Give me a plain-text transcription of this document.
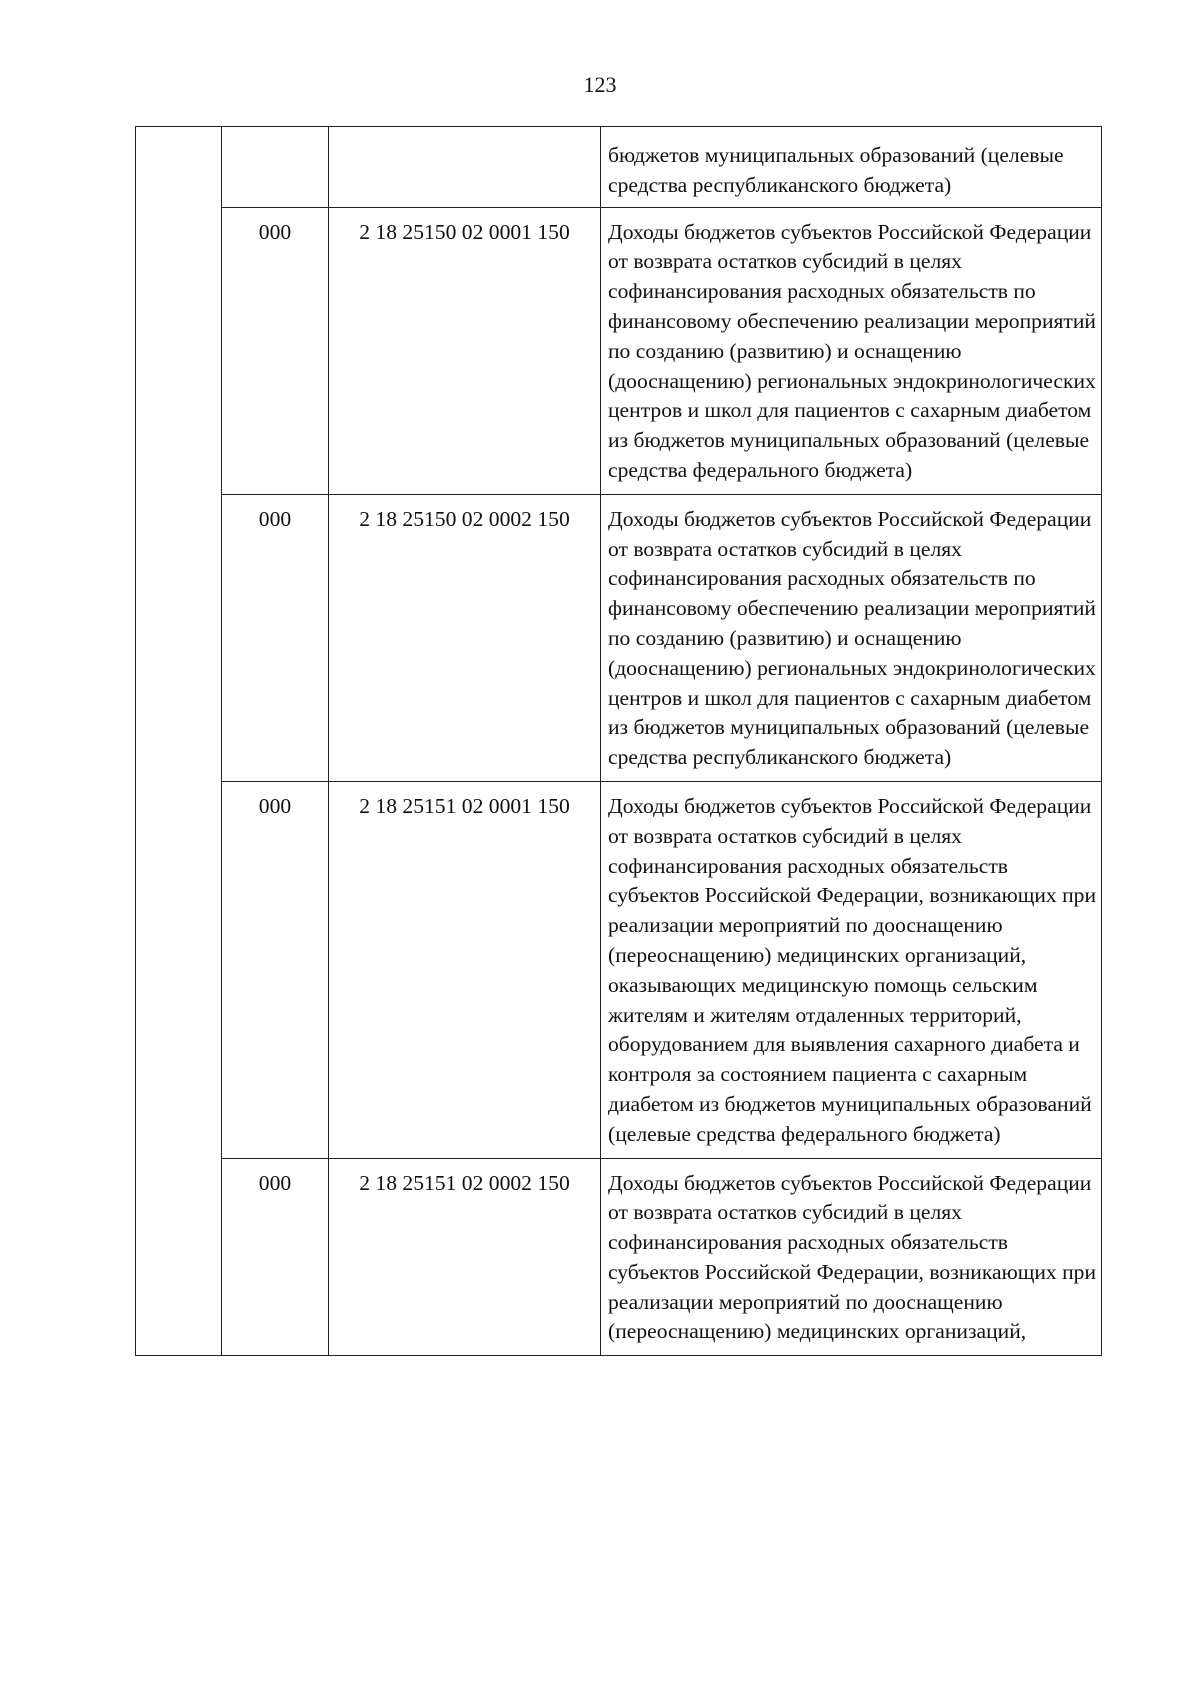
123
			бюджетов муниципальных образований (целевые средства республиканского бюджета)
	000	2 18 25150 02 0001 150	Доходы бюджетов субъектов Российской Федерации от возврата остатков субсидий в целях софинансирования расходных обязательств по финансовому обеспечению реализации мероприятий по созданию (развитию) и оснащению (дооснащению) региональных эндокринологических центров и школ для пациентов с сахарным диабетом из бюджетов муниципальных образований (целевые средства федерального бюджета)
	000	2 18 25150 02 0002 150	Доходы бюджетов субъектов Российской Федерации от возврата остатков субсидий в целях софинансирования расходных обязательств по финансовому обеспечению реализации мероприятий по созданию (развитию) и оснащению (дооснащению) региональных эндокринологических центров и школ для пациентов с сахарным диабетом из бюджетов муниципальных образований (целевые средства республиканского бюджета)
	000	2 18 25151 02 0001 150	Доходы бюджетов субъектов Российской Федерации от возврата остатков субсидий в целях софинансирования расходных обязательств субъектов Российской Федерации, возникающих при реализации мероприятий по дооснащению (переоснащению) медицинских организаций, оказывающих медицинскую помощь сельским жителям и жителям отдаленных территорий, оборудованием для выявления сахарного диабета и контроля за состоянием пациента с сахарным диабетом из бюджетов муниципальных образований (целевые средства федерального бюджета)
	000	2 18 25151 02 0002 150	Доходы бюджетов субъектов Российской Федерации от возврата остатков субсидий в целях софинансирования расходных обязательств субъектов Российской Федерации, возникающих при реализации мероприятий по дооснащению (переоснащению) медицинских организаций,
